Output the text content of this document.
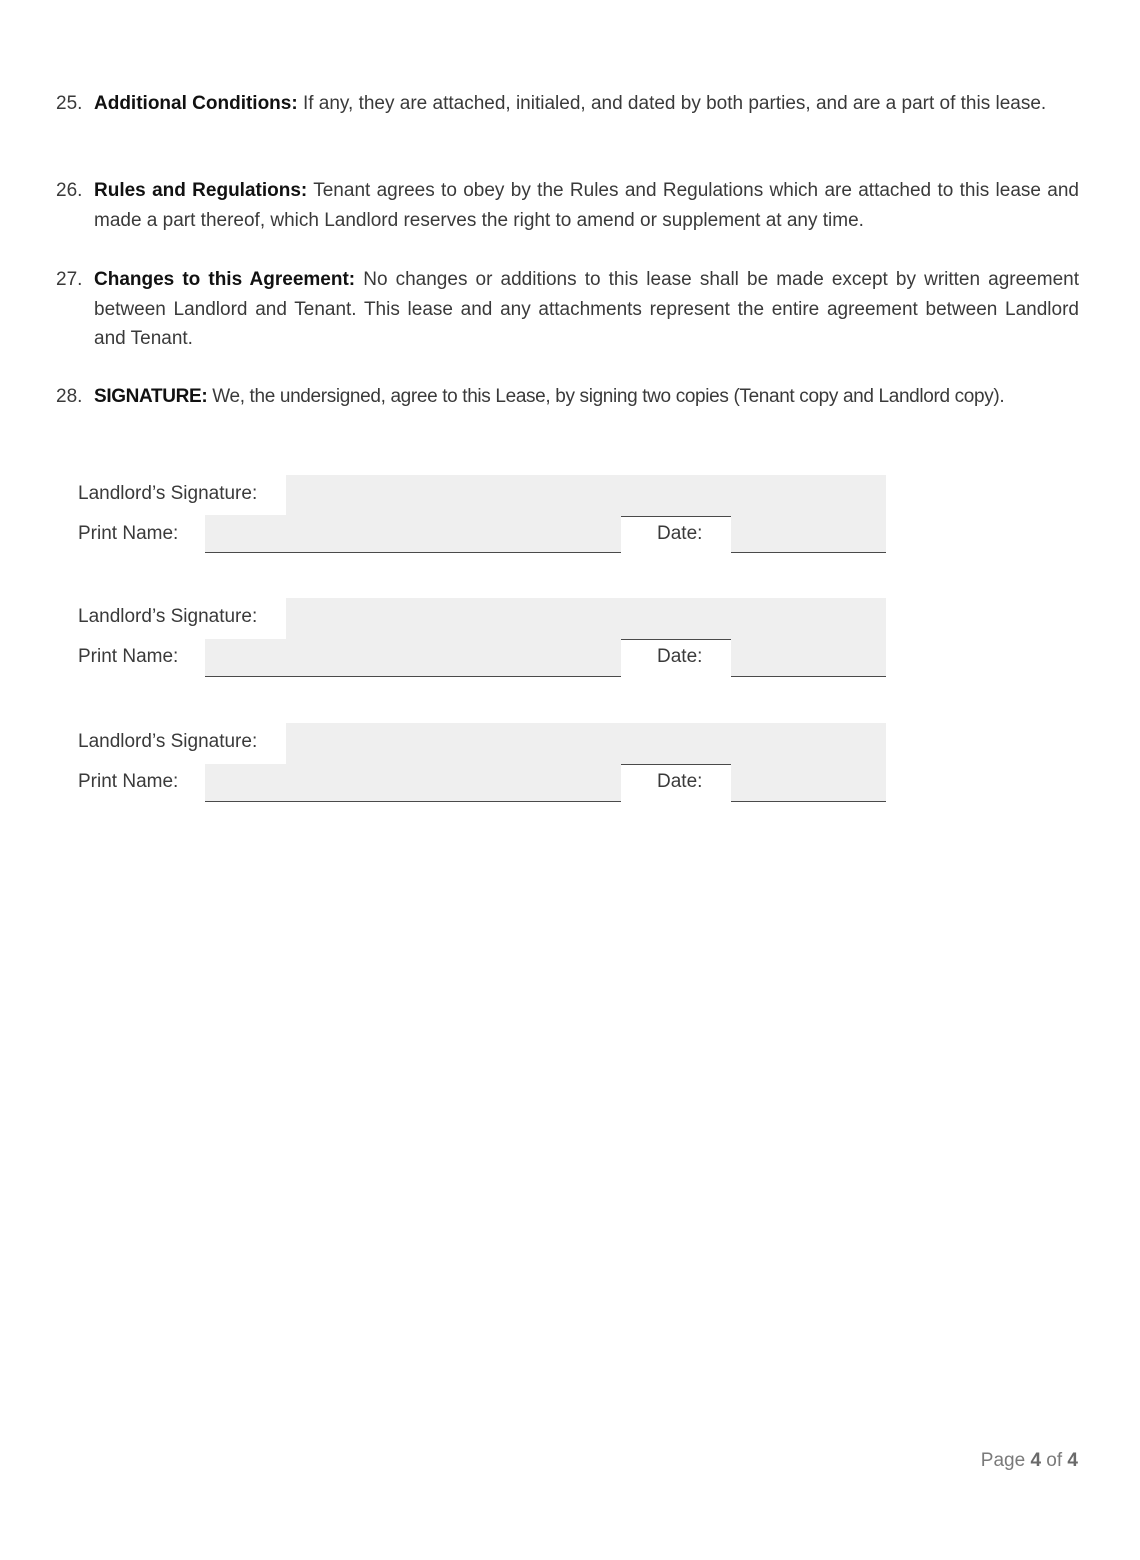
25. Additional Conditions: If any, they are attached, initialed, and dated by both parties, and are a part of this lease.
26. Rules and Regulations: Tenant agrees to obey by the Rules and Regulations which are attached to this lease and made a part thereof, which Landlord reserves the right to amend or supplement at any time.
27. Changes to this Agreement: No changes or additions to this lease shall be made except by written agreement between Landlord and Tenant. This lease and any attachments represent the entire agreement between Landlord and Tenant.
28. SIGNATURE: We, the undersigned, agree to this Lease, by signing two copies (Tenant copy and Landlord copy).
Landlord’s Signature:
Print Name:	Date:
Landlord’s Signature:
Print Name:	Date:
Landlord’s Signature:
Print Name:	Date:
Page 4 of 4
